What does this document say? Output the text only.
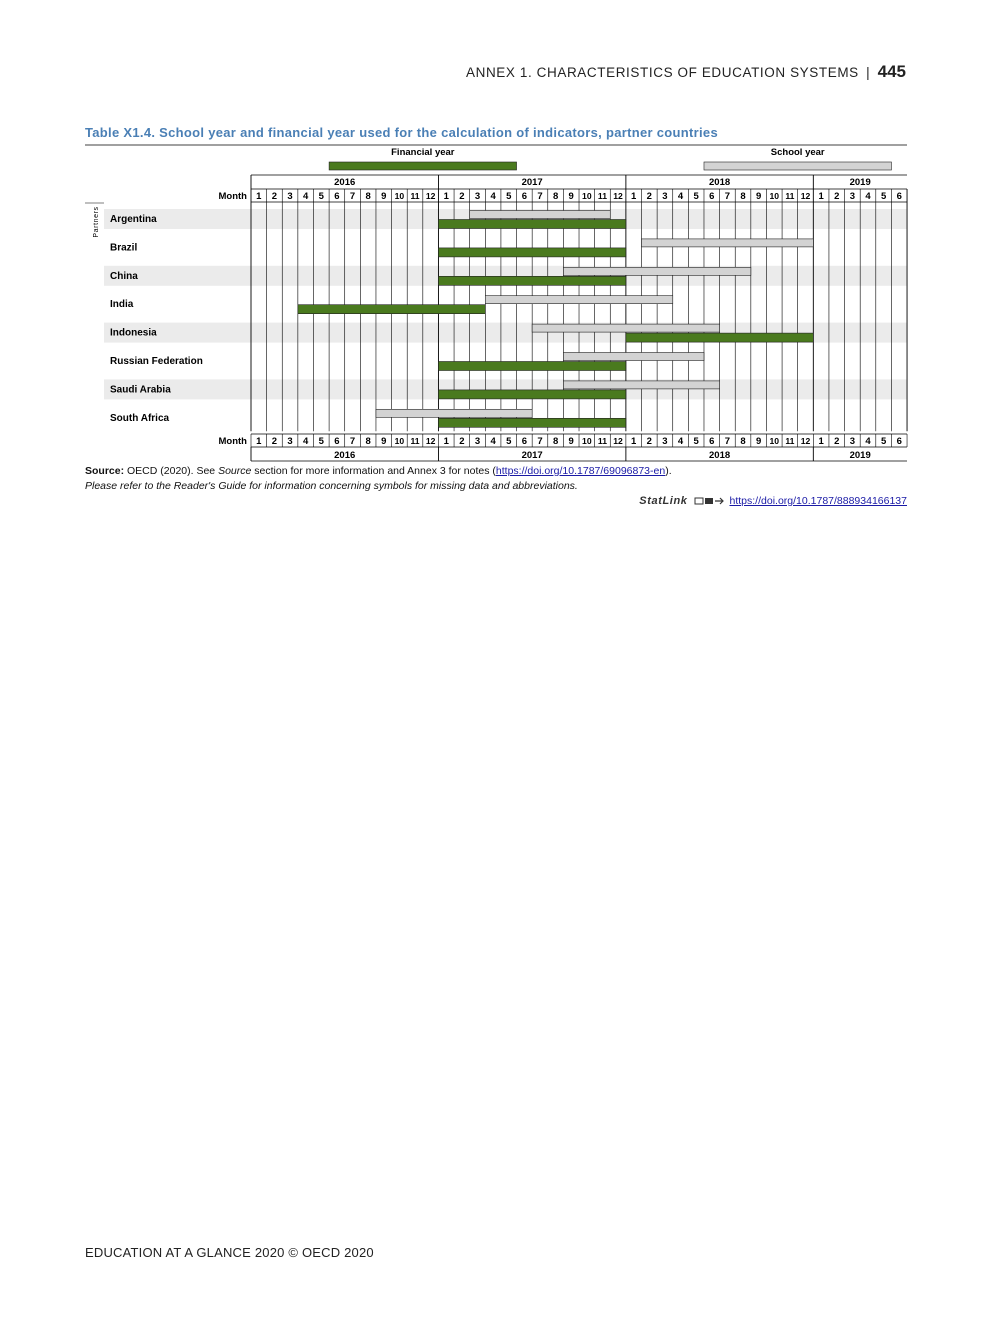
ANNEX 1. CHARACTERISTICS OF EDUCATION SYSTEMS | 445
Table X1.4. School year and financial year used for the calculation of indicators, partner countries
Financial year	School year
2016	2017	2018	2019
Month 1 2 3 4 5 6 7 8 9 10 11 12 1 2 3 4 5 6 7 8 9 10 11 12 1 2 3 4 5 6 7 8 9 10 11 12 1 2 3 4 5 6
Month 1 2 3 4 5 6 7 8 9 10 11 12 1 2 3 4 5 6 7 8 9 10 11 12 1 2 3 4 5 6 7 8 9 10 11 12 1 2 3 4 5 6
2016	2017	2018	2019
Partners Argentina
Brazil
China
India
Indonesia
Russian Federation
Saudi Arabia
South Africa
Source: OECD (2020). See Source section for more information and Annex 3 for notes (https://doi.org/10.1787/69096873-en).
Please refer to the Reader's Guide for information concerning symbols for missing data and abbreviations.
StatLink	https://doi.org/10.1787/888934166137
EDUCATION AT A GLANCE 2020 © OECD 2020
